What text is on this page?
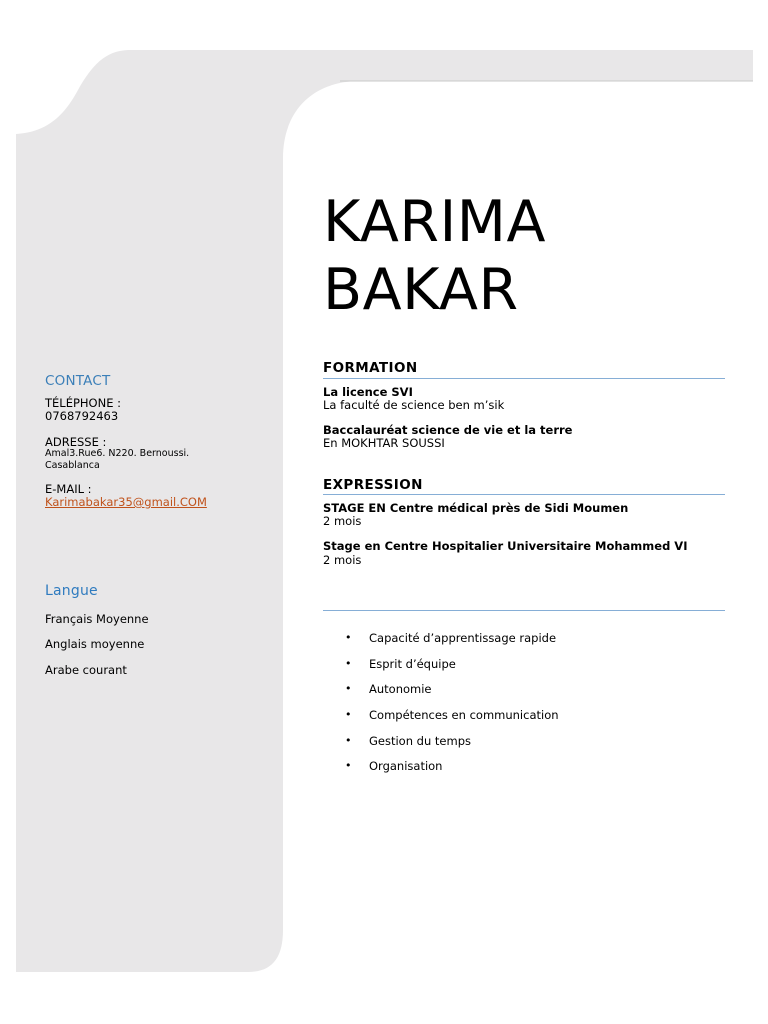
KARIMA
BAKAR
CONTACT
TÉLÉPHONE :
0768792463
ADRESSE :
Amal3.Rue6. N220. Bernoussi.
Casablanca
E-MAIL :
Karimabakar35@gmail.COM
Langue
Français Moyenne
Anglais moyenne
Arabe courant
FORMATION
La licence SVI
La faculté de science ben m’sik
Baccalauréat science de vie et la terre
En MOKHTAR SOUSSI
EXPRESSION
STAGE EN Centre médical près de Sidi Moumen
2 mois
Stage en Centre Hospitalier Universitaire Mohammed VI
2 mois
• Capacité d’apprentissage rapide
• Esprit d’équipe
• Autonomie
• Compétences en communication
• Gestion du temps
• Organisation
